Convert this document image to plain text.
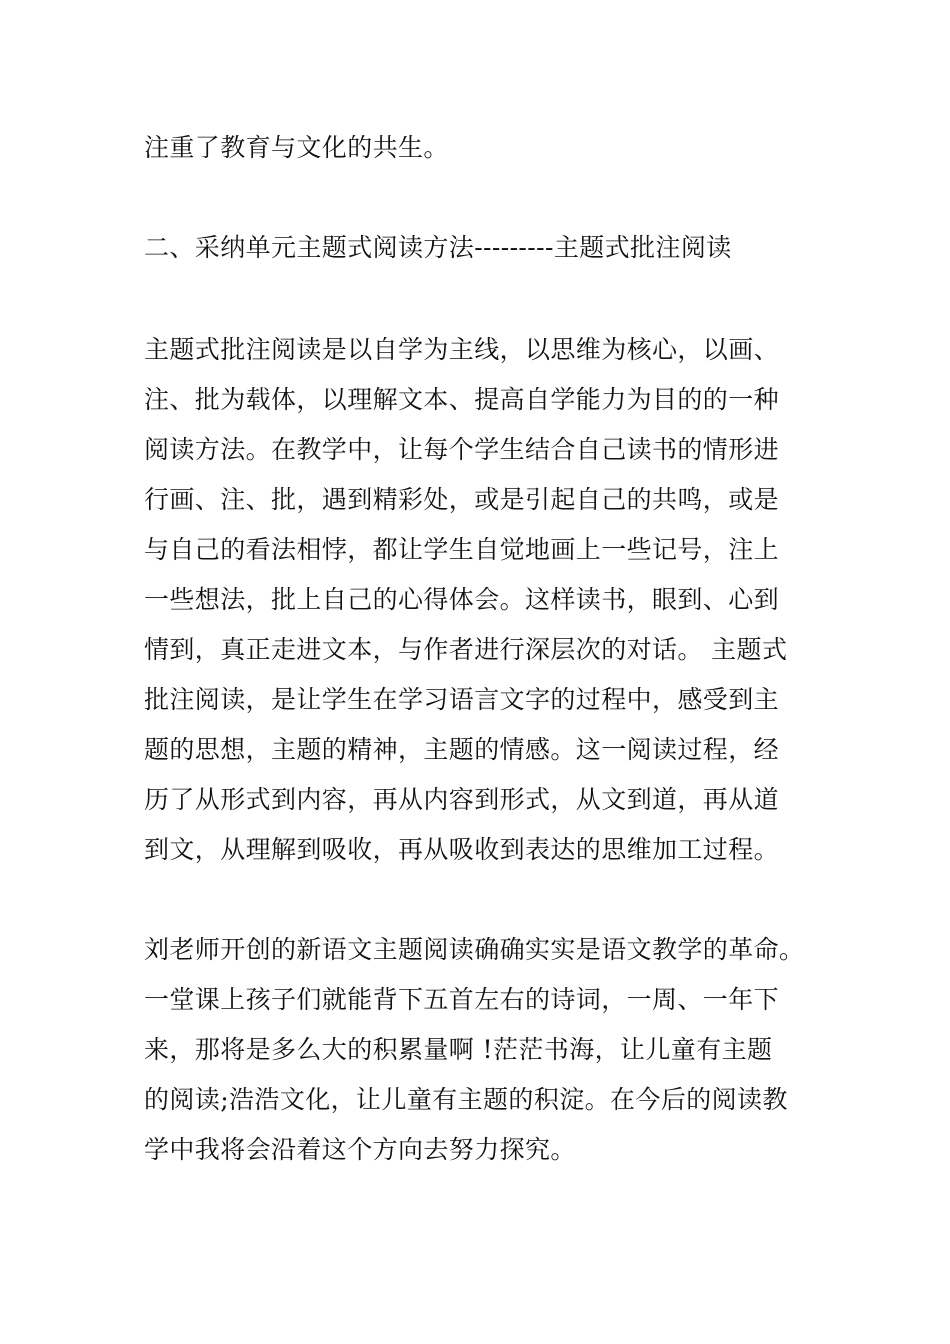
注重了教育与文化的共生。
二、采纳单元主题式阅读方法---------主题式批注阅读
主题式批注阅读是以自学为主线，以思维为核心，以画、
注、批为载体，以理解文本、提高自学能力为目的的一种
阅读方法。在教学中，让每个学生结合自己读书的情形进
行画、注、批，遇到精彩处，或是引起自己的共鸣，或是
与自己的看法相悖，都让学生自觉地画上一些记号，注上
一些想法，批上自己的心得体会。这样读书，眼到、心到
情到，真正走进文本，与作者进行深层次的对话。 主题式
批注阅读，是让学生在学习语言文字的过程中，感受到主
题的思想，主题的精神，主题的情感。这一阅读过程，经
历了从形式到内容，再从内容到形式，从文到道，再从道
到文，从理解到吸收，再从吸收到表达的思维加工过程。
刘老师开创的新语文主题阅读确确实实是语文教学的革命。
一堂课上孩子们就能背下五首左右的诗词，一周、一年下
来，那将是多么大的积累量啊 !茫茫书海，让儿童有主题
的阅读;浩浩文化，让儿童有主题的积淀。在今后的阅读教
学中我将会沿着这个方向去努力探究。
